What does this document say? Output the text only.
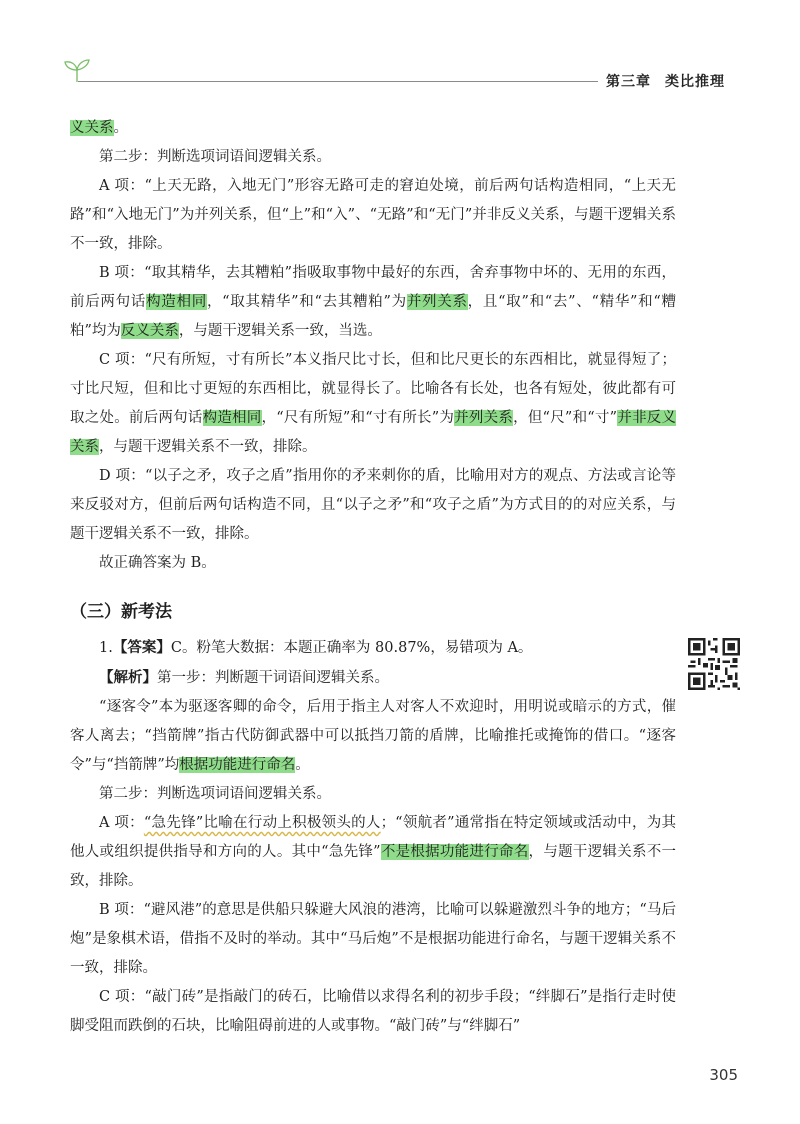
第三章 类比推理

义关系。

第二步：判断选项词语间逻辑关系。

A 项：“上天无路，入地无门”形容无路可走的窘迫处境，前后两句话构造相同，“上天无路”和“入地无门”为并列关系，但“上”和“入”、“无路”和“无门”并非反义关系，与题干逻辑关系不一致，排除。

B 项：“取其精华，去其糟粕”指吸取事物中最好的东西，舍弃事物中坏的、无用的东西，前后两句话构造相同，“取其精华”和“去其糟粕”为并列关系，且“取”和“去”、“精华”和“糟粕”均为反义关系，与题干逻辑关系一致，当选。

C 项：“尺有所短，寸有所长”本义指尺比寸长，但和比尺更长的东西相比，就显得短了；寸比尺短，但和比寸更短的东西相比，就显得长了。比喻各有长处，也各有短处，彼此都有可取之处。前后两句话构造相同，“尺有所短”和“寸有所长”为并列关系，但“尺”和“寸”并非反义关系，与题干逻辑关系不一致，排除。

D 项：“以子之矛，攻子之盾”指用你的矛来刺你的盾，比喻用对方的观点、方法或言论等来反驳对方，但前后两句话构造不同，且“以子之矛”和“攻子之盾”为方式目的的对应关系，与题干逻辑关系不一致，排除。

故正确答案为 B。

（三）新考法

1.【答案】C。粉笔大数据：本题正确率为 80.87%，易错项为 A。

【解析】第一步：判断题干词语间逻辑关系。

“逐客令”本为驱逐客卿的命令，后用于指主人对客人不欢迎时，用明说或暗示的方式，催客人离去；“挡箭牌”指古代防御武器中可以抵挡刀箭的盾牌，比喻推托或掩饰的借口。“逐客令”与“挡箭牌”均根据功能进行命名。

第二步：判断选项词语间逻辑关系。

A 项：“急先锋”比喻在行动上积极领头的人；“领航者”通常指在特定领域或活动中，为其他人或组织提供指导和方向的人。其中“急先锋”不是根据功能进行命名，与题干逻辑关系不一致，排除。

B 项：“避风港”的意思是供船只躲避大风浪的港湾，比喻可以躲避激烈斗争的地方；“马后炮”是象棋术语，借指不及时的举动。其中“马后炮”不是根据功能进行命名，与题干逻辑关系不一致，排除。

C 项：“敲门砖”是指敲门的砖石，比喻借以求得名利的初步手段；“绊脚石”是指行走时使脚受阻而跌倒的石块，比喻阻碍前进的人或事物。“敲门砖”与“绊脚石”

305
